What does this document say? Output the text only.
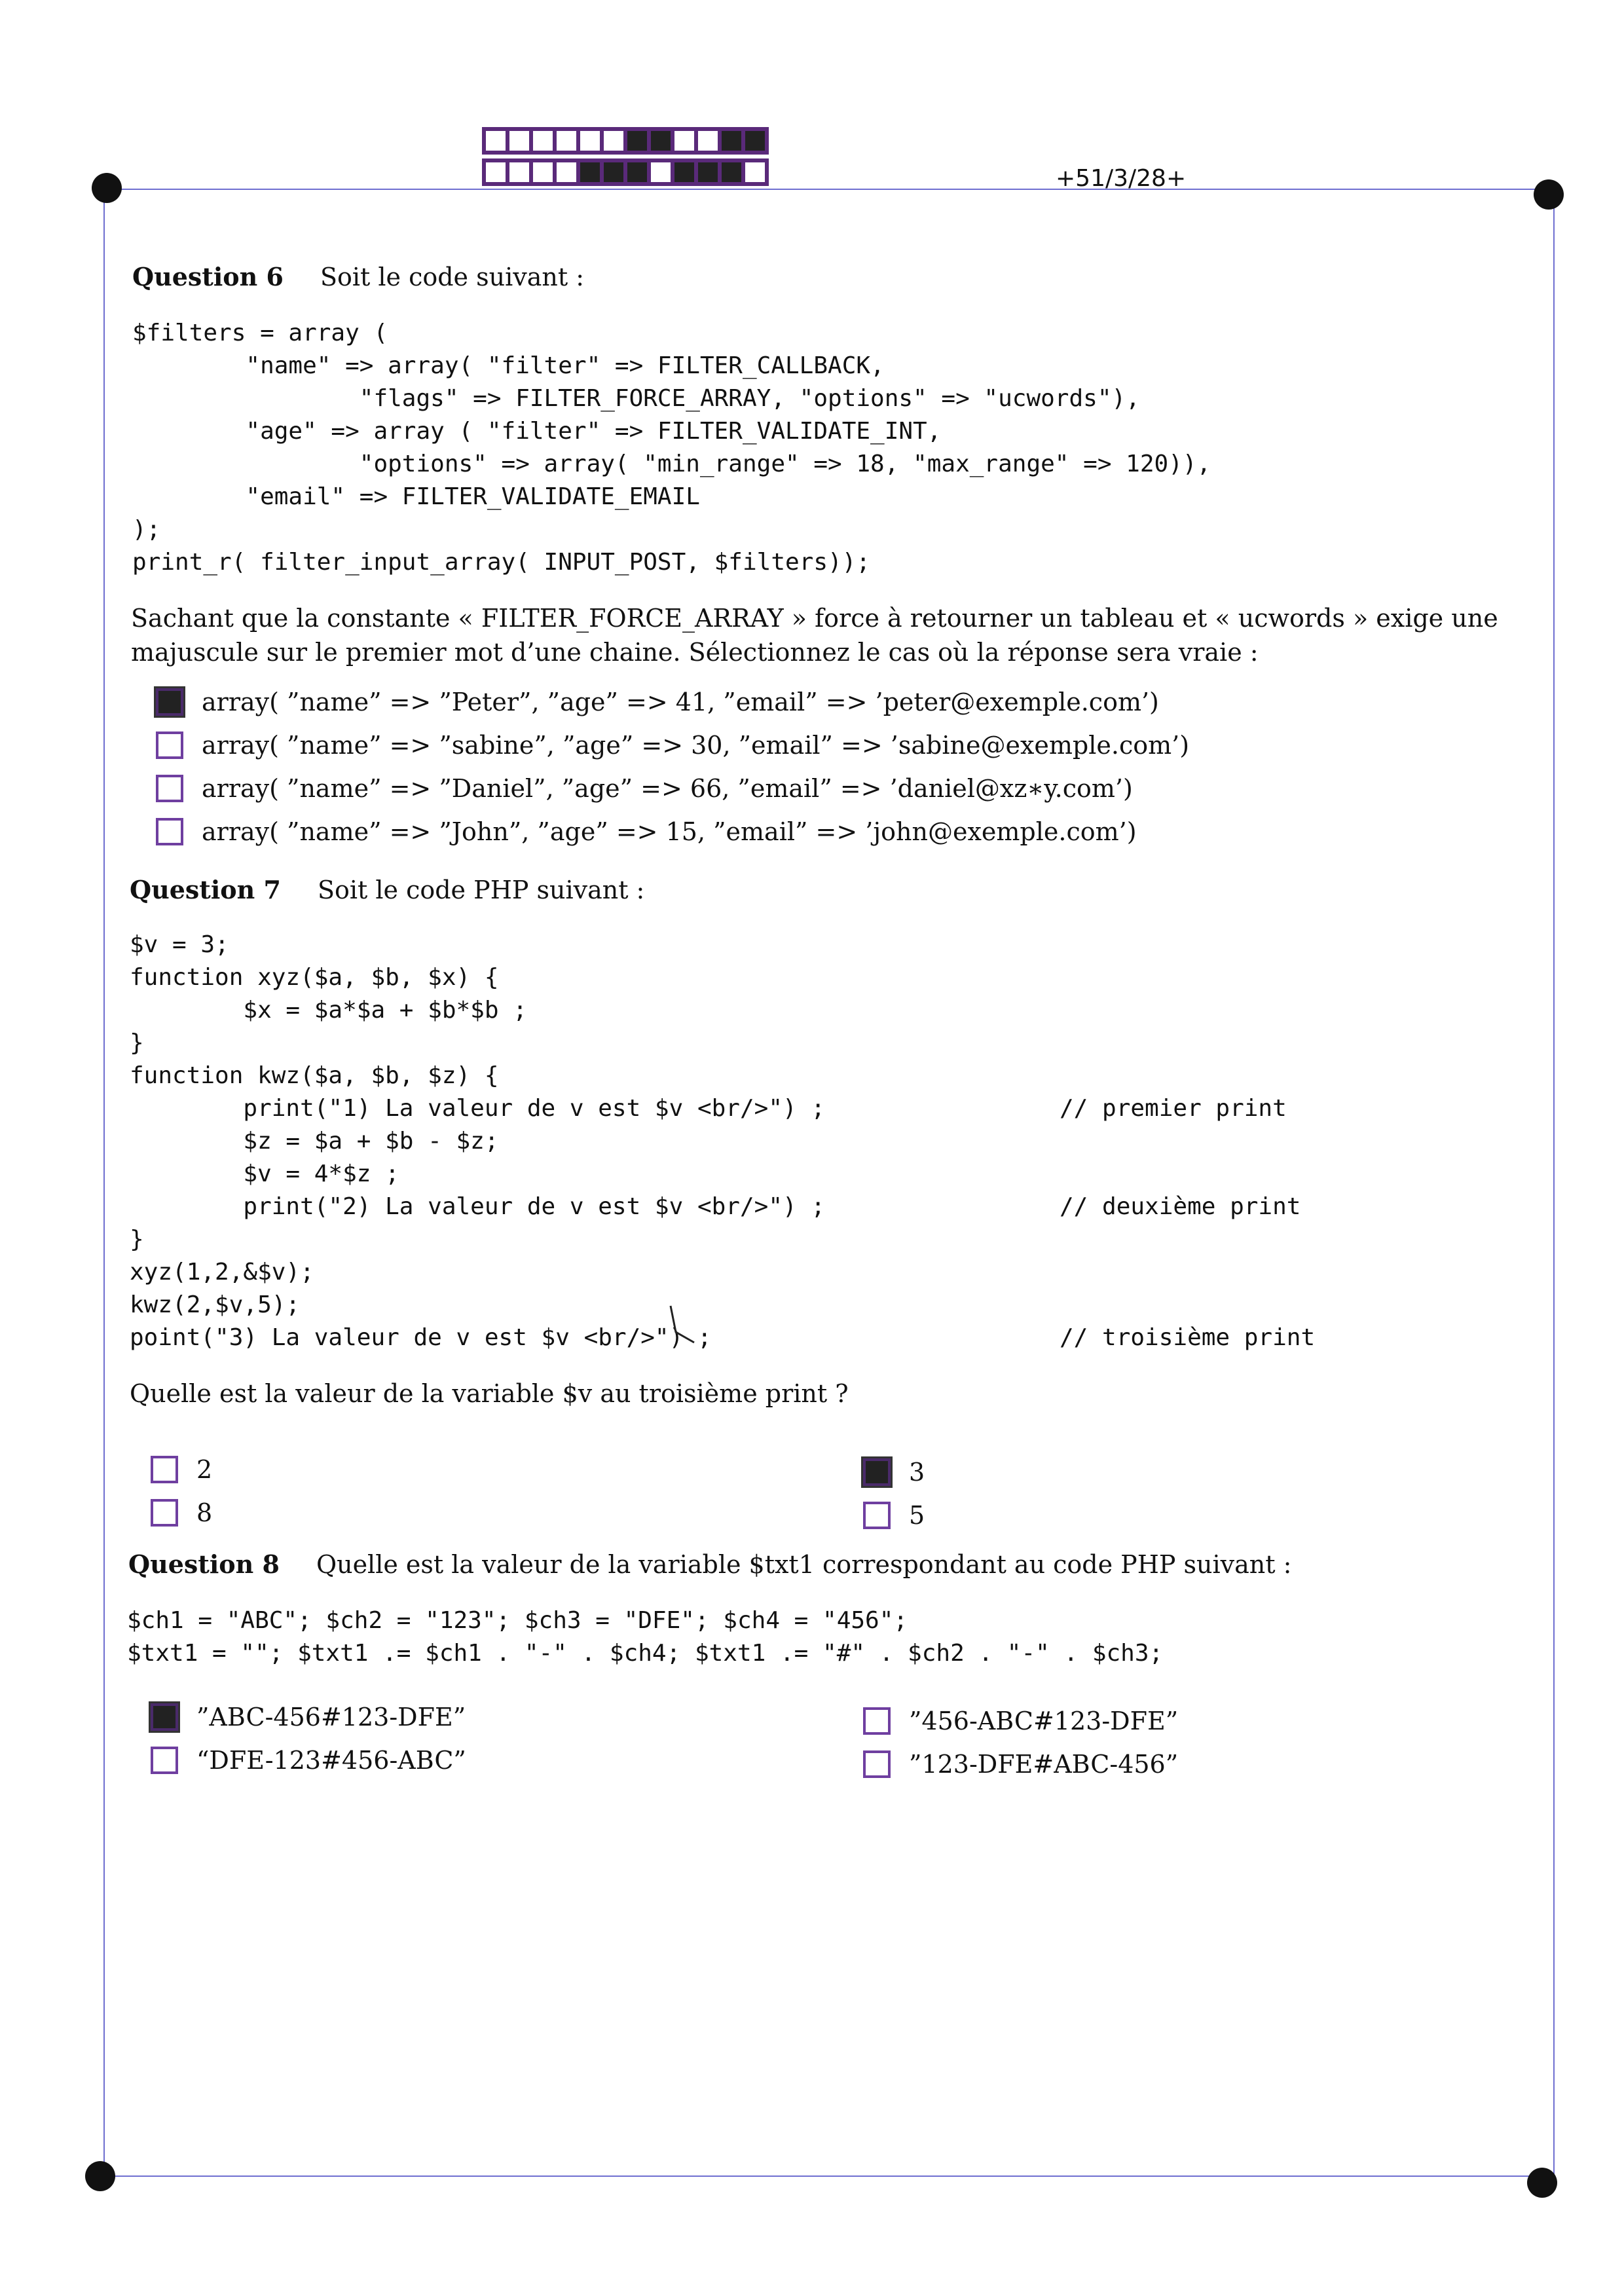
+51/3/28+
Question 6 Soit le code suivant :
$filters = array (
"name" => array( "filter" => FILTER_CALLBACK,
"flags" => FILTER_FORCE_ARRAY, "options" => "ucwords"),
"age" => array ( "filter" => FILTER_VALIDATE_INT,
"options" => array( "min_range" => 18, "max_range" => 120)),
"email" => FILTER_VALIDATE_EMAIL
);
print_r( filter_input_array( INPUT_POST, $filters));
Sachant que la constante « FILTER_FORCE_ARRAY » force à retourner un tableau et « ucwords » exige une majuscule sur le premier mot d’une chaine. Sélectionnez le cas où la réponse sera vraie :
array( ”name” => ”Peter”, ”age” => 41, ”email” => ’peter@exemple.com’)
array( ”name” => ”sabine”, ”age” => 30, ”email” => ’sabine@exemple.com’)
array( ”name” => ”Daniel”, ”age” => 66, ”email” => ’daniel@xz∗y.com’)
array( ”name” => ”John”, ”age” => 15, ”email” => ’john@exemple.com’)
Question 7 Soit le code PHP suivant :
$v = 3;
function xyz($a, $b, $x) {
$x = $a*$a + $b*$b ;
}
function kwz($a, $b, $z) {
print("1) La valeur de v est $v <br/>") ;
$z = $a + $b - $z;
$v = 4*$z ;
print("2) La valeur de v est $v <br/>") ;
}
xyz(1,2,&$v);
kwz(2,$v,5);
point("3) La valeur de v est $v <br/>") ;
// premier print
// deuxième print
// troisième print
Quelle est la valeur de la variable $v au troisième print ?
2
8
3
5
Question 8 Quelle est la valeur de la variable $txt1 correspondant au code PHP suivant :
$ch1 = "ABC"; $ch2 = "123"; $ch3 = "DFE"; $ch4 = "456";
$txt1 = ""; $txt1 .= $ch1 . "-" . $ch4; $txt1 .= "#" . $ch2 . "-" . $ch3;
”ABC-456#123-DFE”
“DFE-123#456-ABC”
”456-ABC#123-DFE”
”123-DFE#ABC-456”
